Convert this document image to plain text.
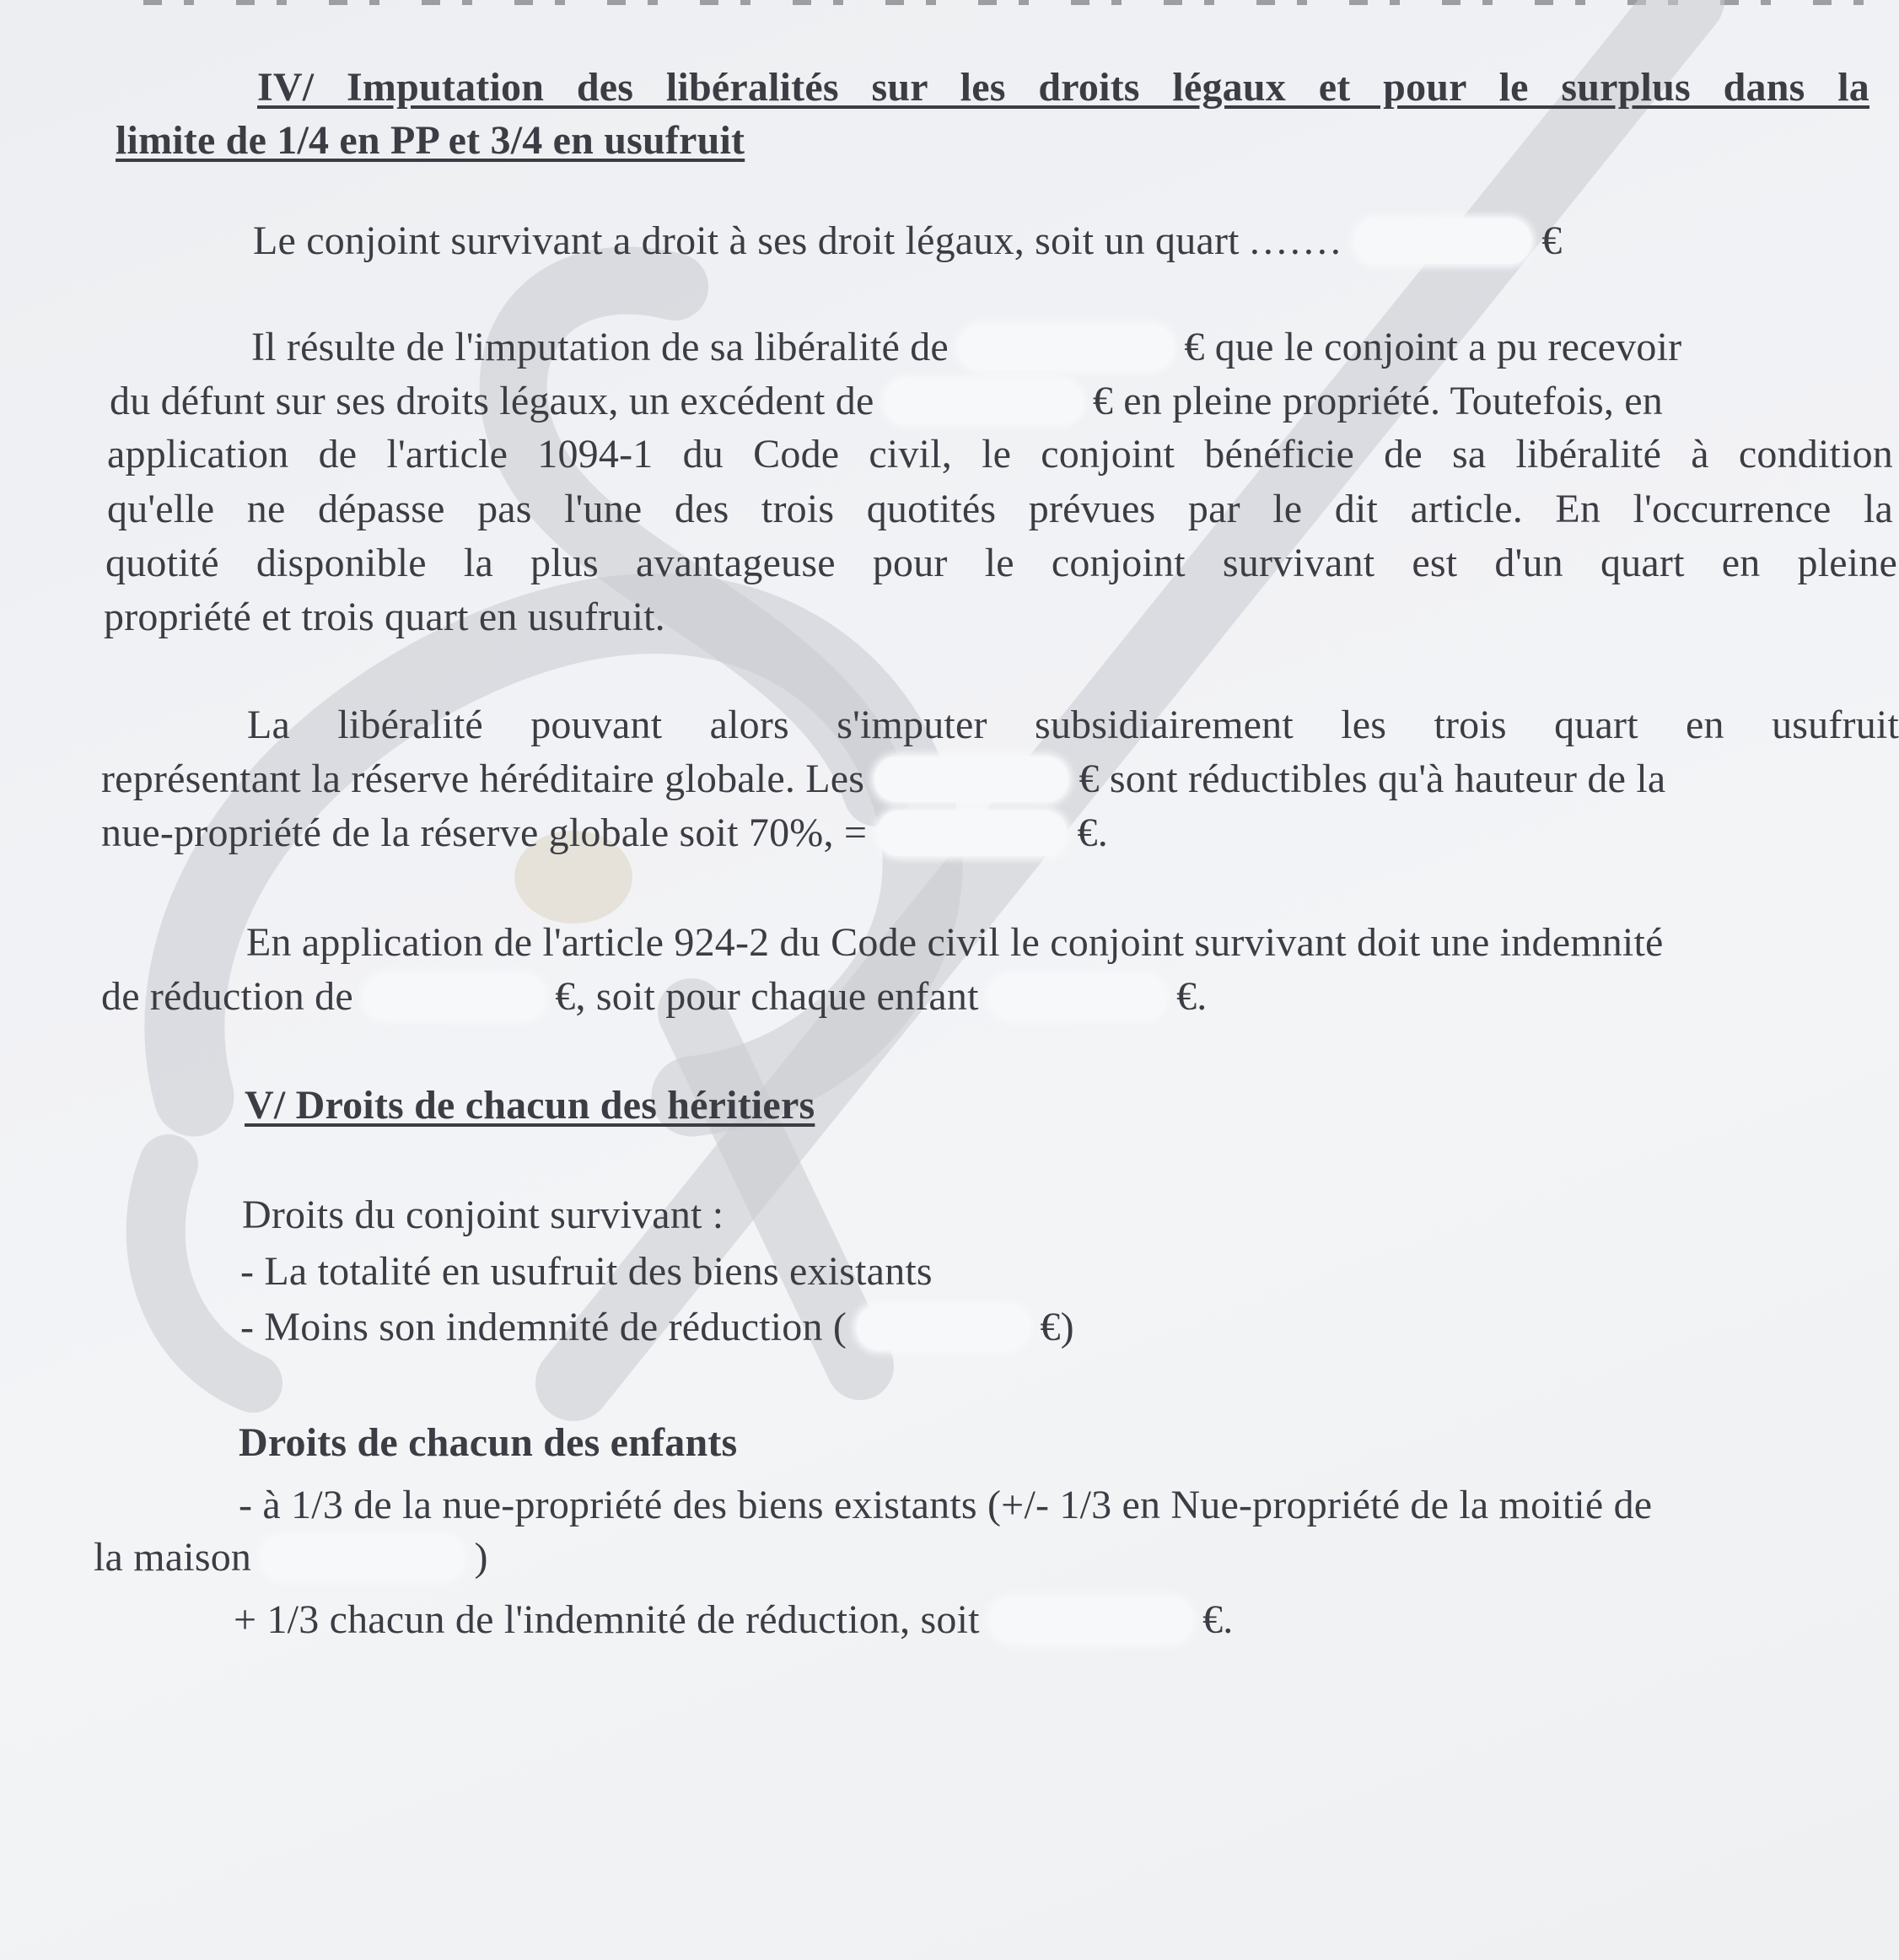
IV/ Imputation des libéralités sur les droits légaux et pour le surplus dans la

limite de 1/4 en PP et 3/4 en usufruit

Le conjoint survivant a droit à ses droit légaux, soit un quart .......	€
Il résulte de l'imputation de sa libéralité de	€ que le conjoint a pu recevoir
du défunt sur ses droits légaux, un excédent de	€ en pleine propriété. Toutefois, en

application de l'article 1094-1 du Code civil, le conjoint bénéficie de sa libéralité à condition

qu'elle ne dépasse pas l'une des trois quotités prévues par le dit article. En l'occurrence la

quotité disponible la plus avantageuse pour le conjoint survivant est d'un quart en pleine

propriété et trois quart en usufruit.

La libéralité pouvant alors s'imputer subsidiairement les trois quart en usufruit

représentant la réserve héréditaire globale. Les	€ sont réductibles qu'à hauteur de la
nue-propriété de la réserve globale soit 70%, =	€.

En application de l'article 924-2 du Code civil le conjoint survivant doit une indemnité

de réduction de	€, soit pour chaque enfant	€.

V/ Droits de chacun des héritiers

Droits du conjoint survivant :

- La totalité en usufruit des biens existants

- Moins son indemnité de réduction (	€)

Droits de chacun des enfants

- à 1/3 de la nue-propriété des biens existants (+/- 1/3 en Nue-propriété de la moitié de

la maison	)
+ 1/3 chacun de l'indemnité de réduction, soit	€.
